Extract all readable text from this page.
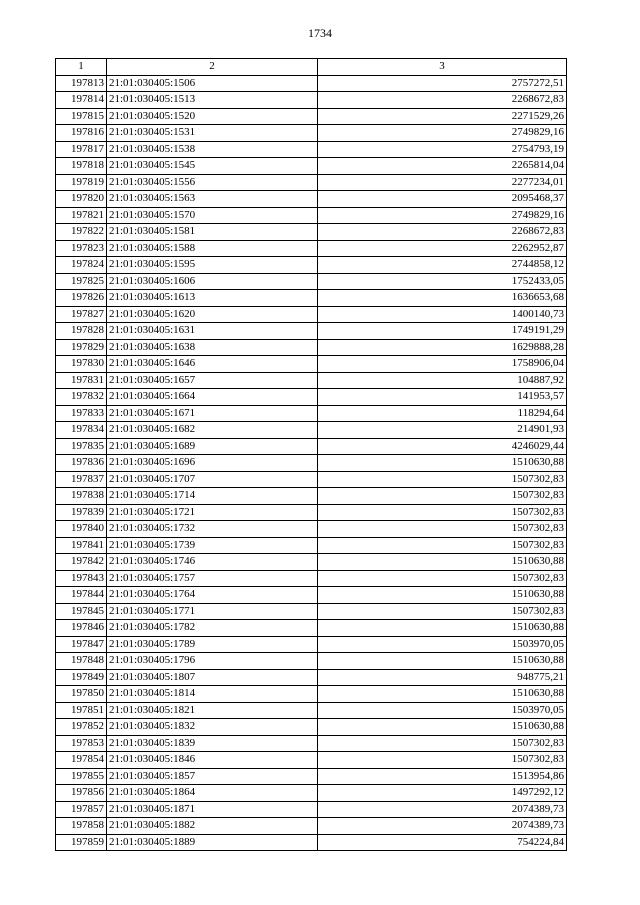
1734
1	2	3
197813	21:01:030405:1506	2757272,51
197814	21:01:030405:1513	2268672,83
197815	21:01:030405:1520	2271529,26
197816	21:01:030405:1531	2749829,16
197817	21:01:030405:1538	2754793,19
197818	21:01:030405:1545	2265814,04
197819	21:01:030405:1556	2277234,01
197820	21:01:030405:1563	2095468,37
197821	21:01:030405:1570	2749829,16
197822	21:01:030405:1581	2268672,83
197823	21:01:030405:1588	2262952,87
197824	21:01:030405:1595	2744858,12
197825	21:01:030405:1606	1752433,05
197826	21:01:030405:1613	1636653,68
197827	21:01:030405:1620	1400140,73
197828	21:01:030405:1631	1749191,29
197829	21:01:030405:1638	1629888,28
197830	21:01:030405:1646	1758906,04
197831	21:01:030405:1657	104887,92
197832	21:01:030405:1664	141953,57
197833	21:01:030405:1671	118294,64
197834	21:01:030405:1682	214901,93
197835	21:01:030405:1689	4246029,44
197836	21:01:030405:1696	1510630,88
197837	21:01:030405:1707	1507302,83
197838	21:01:030405:1714	1507302,83
197839	21:01:030405:1721	1507302,83
197840	21:01:030405:1732	1507302,83
197841	21:01:030405:1739	1507302,83
197842	21:01:030405:1746	1510630,88
197843	21:01:030405:1757	1507302,83
197844	21:01:030405:1764	1510630,88
197845	21:01:030405:1771	1507302,83
197846	21:01:030405:1782	1510630,88
197847	21:01:030405:1789	1503970,05
197848	21:01:030405:1796	1510630,88
197849	21:01:030405:1807	948775,21
197850	21:01:030405:1814	1510630,88
197851	21:01:030405:1821	1503970,05
197852	21:01:030405:1832	1510630,88
197853	21:01:030405:1839	1507302,83
197854	21:01:030405:1846	1507302,83
197855	21:01:030405:1857	1513954,86
197856	21:01:030405:1864	1497292,12
197857	21:01:030405:1871	2074389,73
197858	21:01:030405:1882	2074389,73
197859	21:01:030405:1889	754224,84
